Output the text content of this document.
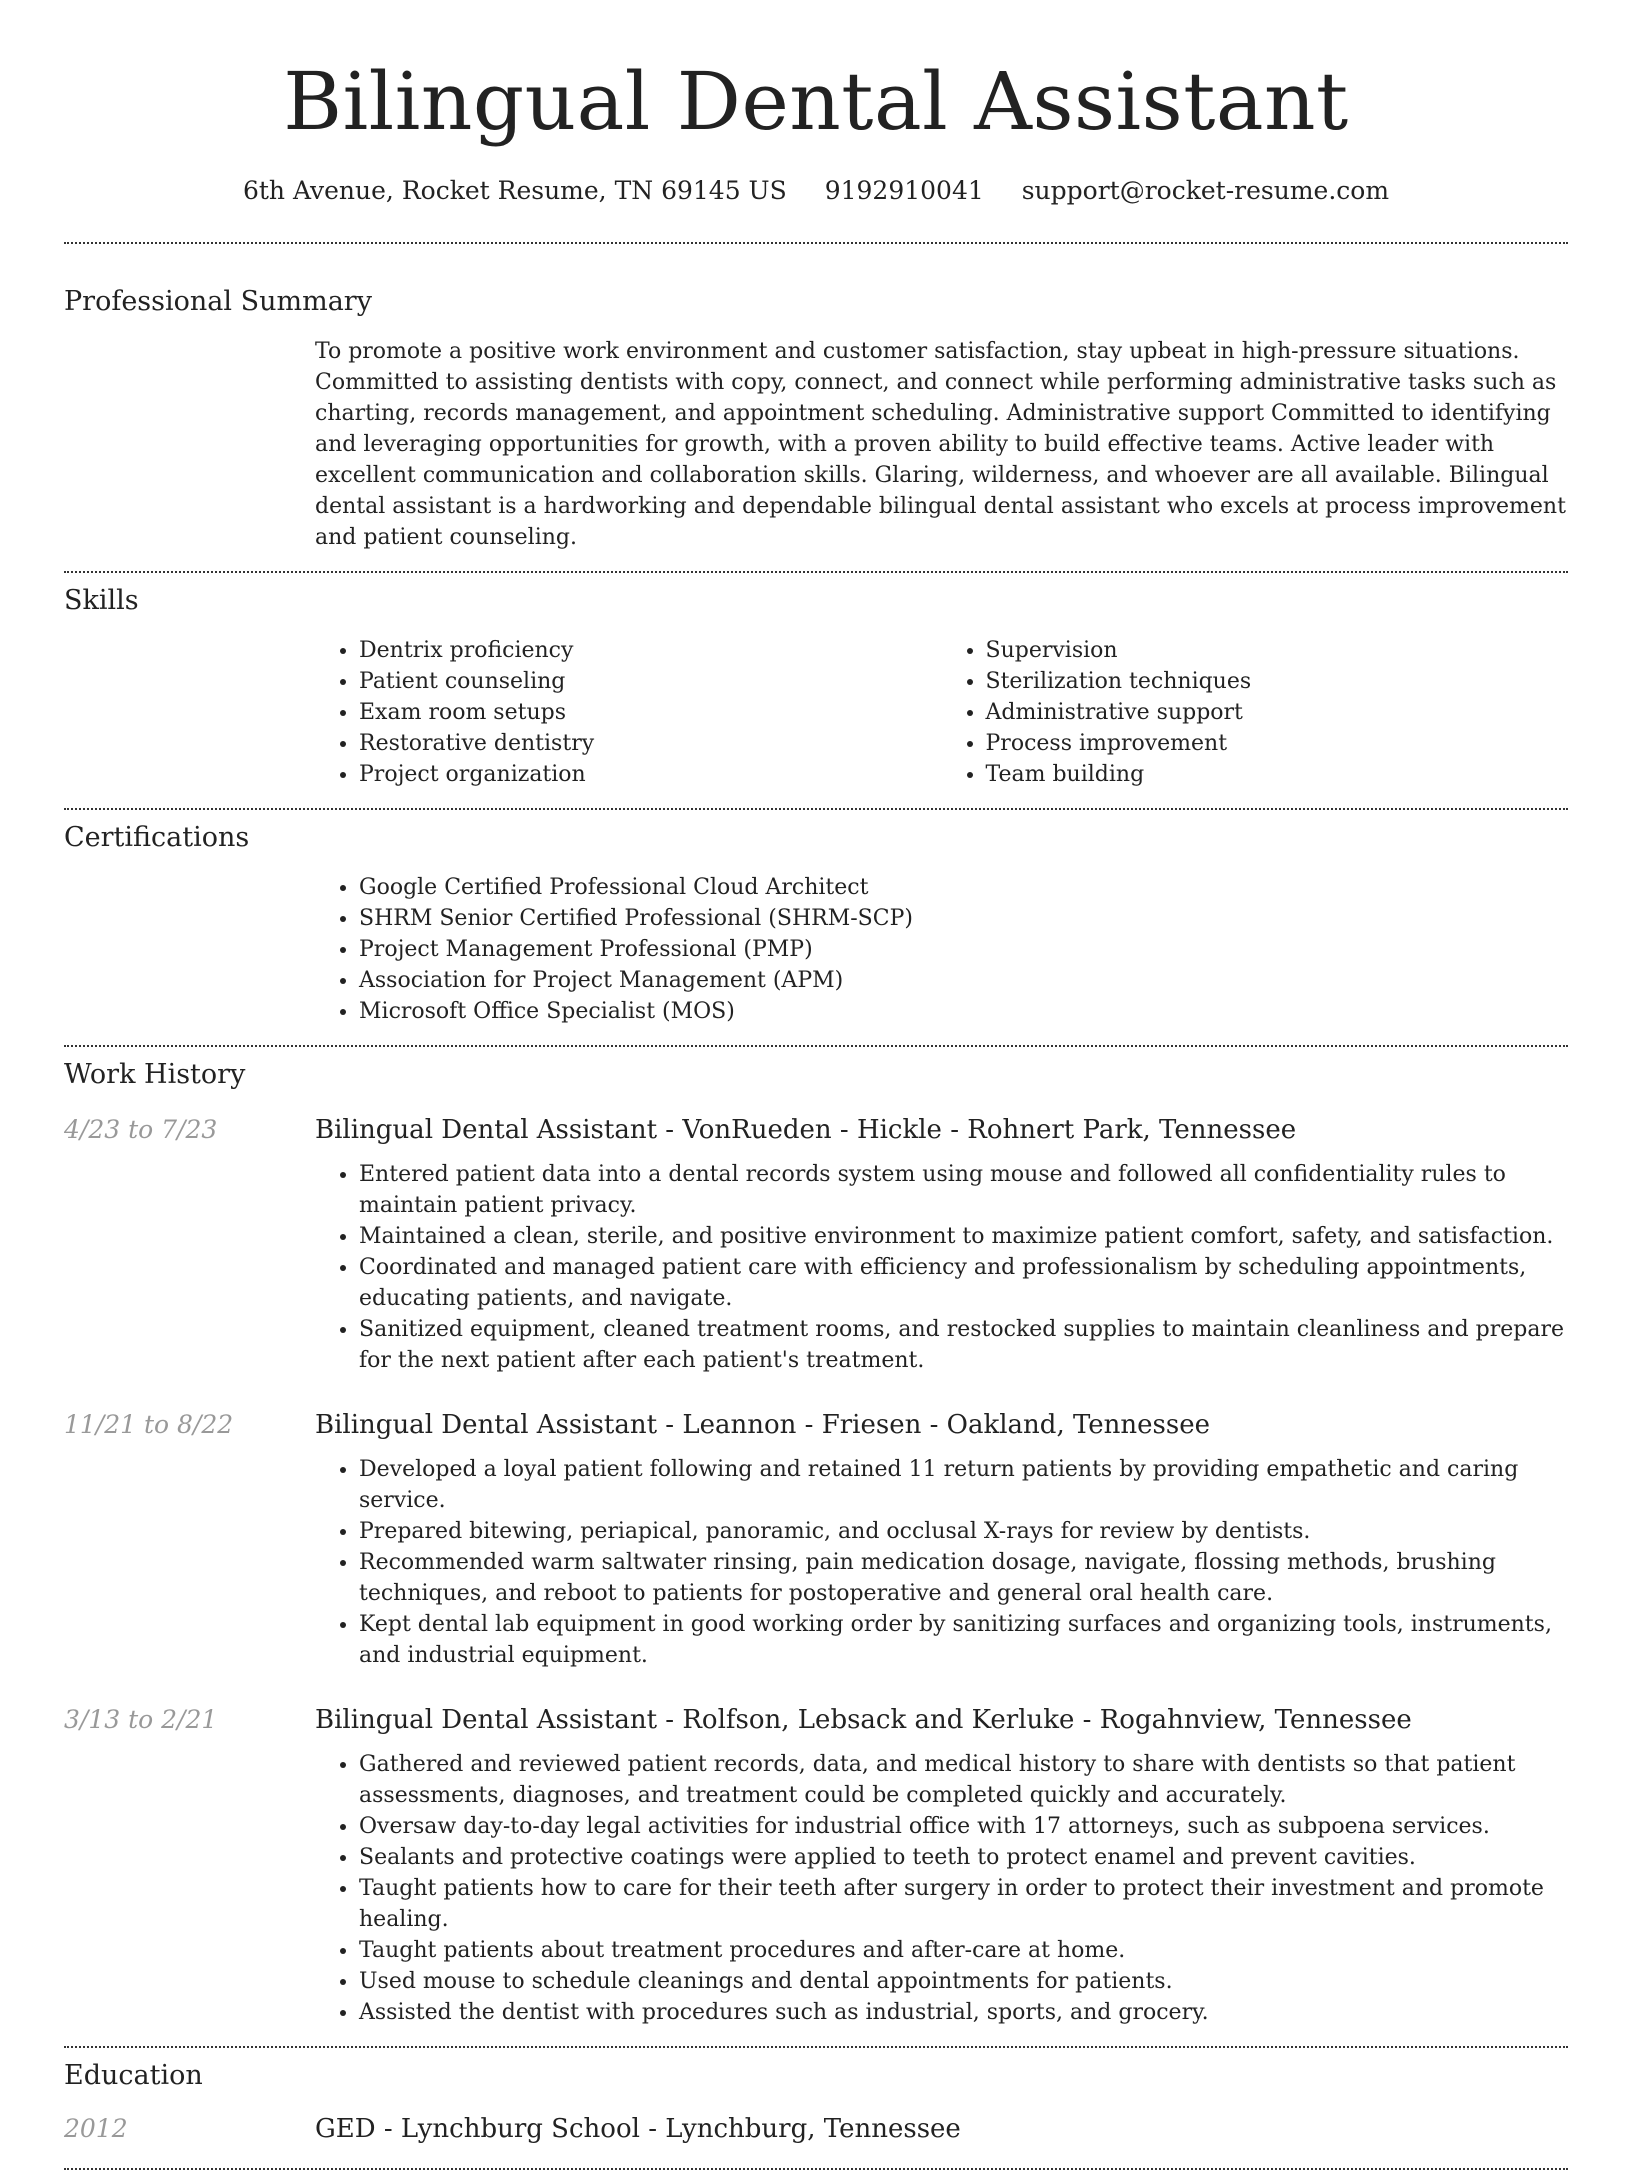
Bilingual Dental Assistant
6th Avenue, Rocket Resume, TN 69145 US 9192910041 support@rocket-resume.com
Professional Summary

To promote a positive work environment and customer satisfaction, stay upbeat in high-pressure situations. Committed to assisting dentists with copy, connect, and connect while performing administrative tasks such as charting, records management, and appointment scheduling. Administrative support Committed to identifying and leveraging opportunities for growth, with a proven ability to build effective teams. Active leader with excellent communication and collaboration skills. Glaring, wilderness, and whoever are all available. Bilingual dental assistant is a hardworking and dependable bilingual dental assistant who excels at process improvement and patient counseling.

Skills
• Dentrix proficiency
• Patient counseling
• Exam room setups
• Restorative dentistry
• Project organization
• Supervision
• Sterilization techniques
• Administrative support
• Process improvement
• Team building
Certifications
• Google Certified Professional Cloud Architect
• SHRM Senior Certified Professional (SHRM-SCP)
• Project Management Professional (PMP)
• Association for Project Management (APM)
• Microsoft Office Specialist (MOS)
Work History
4/23 to 7/23	Bilingual Dental Assistant - VonRueden - Hickle - Rohnert Park, Tennessee
• Entered patient data into a dental records system using mouse and followed all confidentiality rules to maintain patient privacy.
• Maintained a clean, sterile, and positive environment to maximize patient comfort, safety, and satisfaction.
• Coordinated and managed patient care with efficiency and professionalism by scheduling appointments, educating patients, and navigate.
• Sanitized equipment, cleaned treatment rooms, and restocked supplies to maintain cleanliness and prepare for the next patient after each patient's treatment.
11/21 to 8/22	Bilingual Dental Assistant - Leannon - Friesen - Oakland, Tennessee
• Developed a loyal patient following and retained 11 return patients by providing empathetic and caring service.
• Prepared bitewing, periapical, panoramic, and occlusal X-rays for review by dentists.
• Recommended warm saltwater rinsing, pain medication dosage, navigate, flossing methods, brushing techniques, and reboot to patients for postoperative and general oral health care.
• Kept dental lab equipment in good working order by sanitizing surfaces and organizing tools, instruments, and industrial equipment.
3/13 to 2/21	Bilingual Dental Assistant - Rolfson, Lebsack and Kerluke - Rogahnview, Tennessee
• Gathered and reviewed patient records, data, and medical history to share with dentists so that patient assessments, diagnoses, and treatment could be completed quickly and accurately.
• Oversaw day-to-day legal activities for industrial office with 17 attorneys, such as subpoena services.
• Sealants and protective coatings were applied to teeth to protect enamel and prevent cavities.
• Taught patients how to care for their teeth after surgery in order to protect their investment and promote healing.
• Taught patients about treatment procedures and after-care at home.
• Used mouse to schedule cleanings and dental appointments for patients.
• Assisted the dentist with procedures such as industrial, sports, and grocery.
Education
2012	GED - Lynchburg School - Lynchburg, Tennessee
